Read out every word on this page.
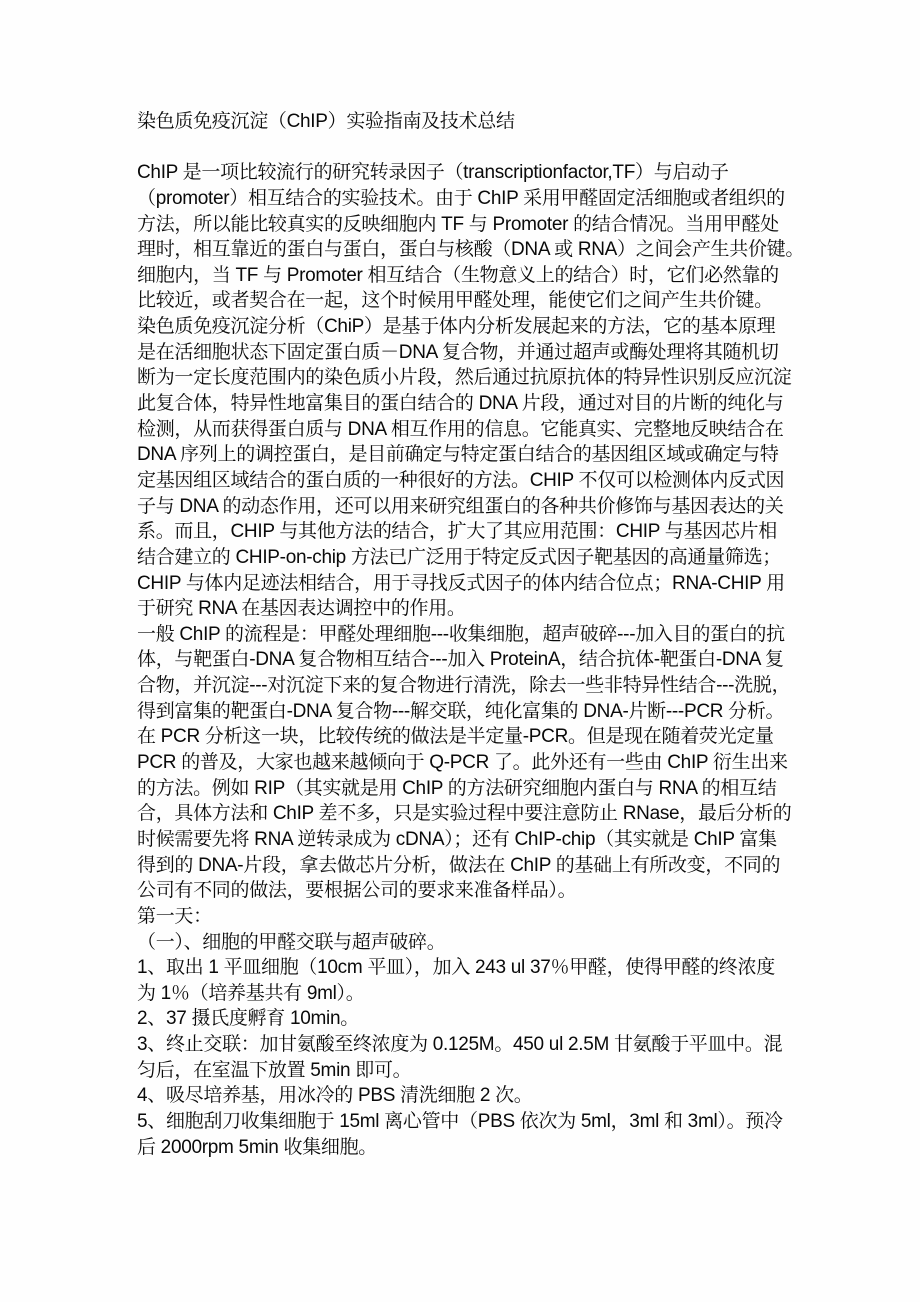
染色质免疫沉淀（ChIP）实验指南及技术总结
ChIP 是一项比较流行的研究转录因子（transcriptionfactor,TF）与启动子
（promoter）相互结合的实验技术。由于 ChIP 采用甲醛固定活细胞或者组织的
方法，所以能比较真实的反映细胞内 TF 与 Promoter 的结合情况。当用甲醛处
理时，相互靠近的蛋白与蛋白，蛋白与核酸（DNA 或 RNA）之间会产生共价键。
细胞内，当 TF 与 Promoter 相互结合（生物意义上的结合）时，它们必然靠的
比较近，或者契合在一起，这个时候用甲醛处理，能使它们之间产生共价键。
染色质免疫沉淀分析（ChiP）是基于体内分析发展起来的方法，它的基本原理
是在活细胞状态下固定蛋白质－DNA 复合物，并通过超声或酶处理将其随机切
断为一定长度范围内的染色质小片段，然后通过抗原抗体的特异性识别反应沉淀
此复合体，特异性地富集目的蛋白结合的 DNA 片段，通过对目的片断的纯化与
检测，从而获得蛋白质与 DNA 相互作用的信息。它能真实、完整地反映结合在
DNA 序列上的调控蛋白，是目前确定与特定蛋白结合的基因组区域或确定与特
定基因组区域结合的蛋白质的一种很好的方法。CHIP 不仅可以检测体内反式因
子与 DNA 的动态作用，还可以用来研究组蛋白的各种共价修饰与基因表达的关
系。而且，CHIP 与其他方法的结合，扩大了其应用范围：CHIP 与基因芯片相
结合建立的 CHIP-on-chip 方法已广泛用于特定反式因子靶基因的高通量筛选；
CHIP 与体内足迹法相结合，用于寻找反式因子的体内结合位点；RNA-CHIP 用
于研究 RNA 在基因表达调控中的作用。
一般 ChIP 的流程是：甲醛处理细胞---收集细胞，超声破碎---加入目的蛋白的抗
体，与靶蛋白-DNA 复合物相互结合---加入 ProteinA，结合抗体-靶蛋白-DNA 复
合物，并沉淀---对沉淀下来的复合物进行清洗，除去一些非特异性结合---洗脱，
得到富集的靶蛋白-DNA 复合物---解交联，纯化富集的 DNA-片断---PCR 分析。
在 PCR 分析这一块，比较传统的做法是半定量-PCR。但是现在随着荧光定量
PCR 的普及，大家也越来越倾向于 Q-PCR 了。此外还有一些由 ChIP 衍生出来
的方法。例如 RIP（其实就是用 ChIP 的方法研究细胞内蛋白与 RNA 的相互结
合，具体方法和 ChIP 差不多，只是实验过程中要注意防止 RNase，最后分析的
时候需要先将 RNA 逆转录成为 cDNA）；还有 ChIP-chip（其实就是 ChIP 富集
得到的 DNA-片段，拿去做芯片分析，做法在 ChIP 的基础上有所改变，不同的
公司有不同的做法，要根据公司的要求来准备样品）。
第一天：
（一）、细胞的甲醛交联与超声破碎。
1、取出 1 平皿细胞（10cm 平皿），加入 243 ul 37％甲醛，使得甲醛的终浓度
为 1％（培养基共有 9ml）。
2、37 摄氏度孵育 10min。
3、终止交联：加甘氨酸至终浓度为 0.125M。450 ul 2.5M 甘氨酸于平皿中。混
匀后，在室温下放置 5min 即可。
4、吸尽培养基，用冰冷的 PBS 清洗细胞 2 次。
5、细胞刮刀收集细胞于 15ml 离心管中（PBS 依次为 5ml，3ml 和 3ml）。预冷
后 2000rpm 5min 收集细胞。
